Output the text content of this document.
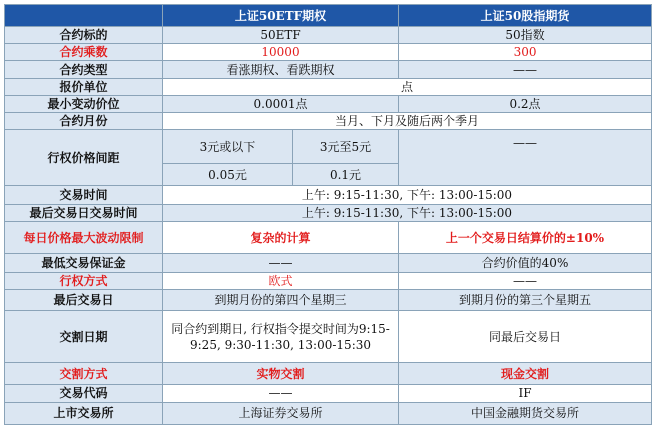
	上证50ETF期权		上证50股指期货
合约标的	50ETF		50指数
合约乘数	10000		300
合约类型	看涨期权、看跌期权		——
报价单位	点		
最小变动价位	0.0001点		0.2点
合约月份	当月、下月及随后两个季月		
行权价格间距	3元或以下	3元至5元	——
	0.05元	0.1元	
交易时间	上午: 9:15-11:30, 下午: 13:00-15:00		
最后交易日交易时间	上午: 9:15-11:30, 下午: 13:00-15:00		
每日价格最大波动限制	复杂的计算		上一个交易日结算价的±10%
最低交易保证金	——		合约价值的40%
行权方式	欧式		——
最后交易日	到期月份的第四个星期三		到期月份的第三个星期五
交割日期	同合约到期日, 行权指令提交时间为9:15-9:25, 9:30-11:30, 13:00-15:30		同最后交易日
交割方式	实物交割		现金交割
交易代码	——		IF
上市交易所	上海证券交易所		中国金融期货交易所
